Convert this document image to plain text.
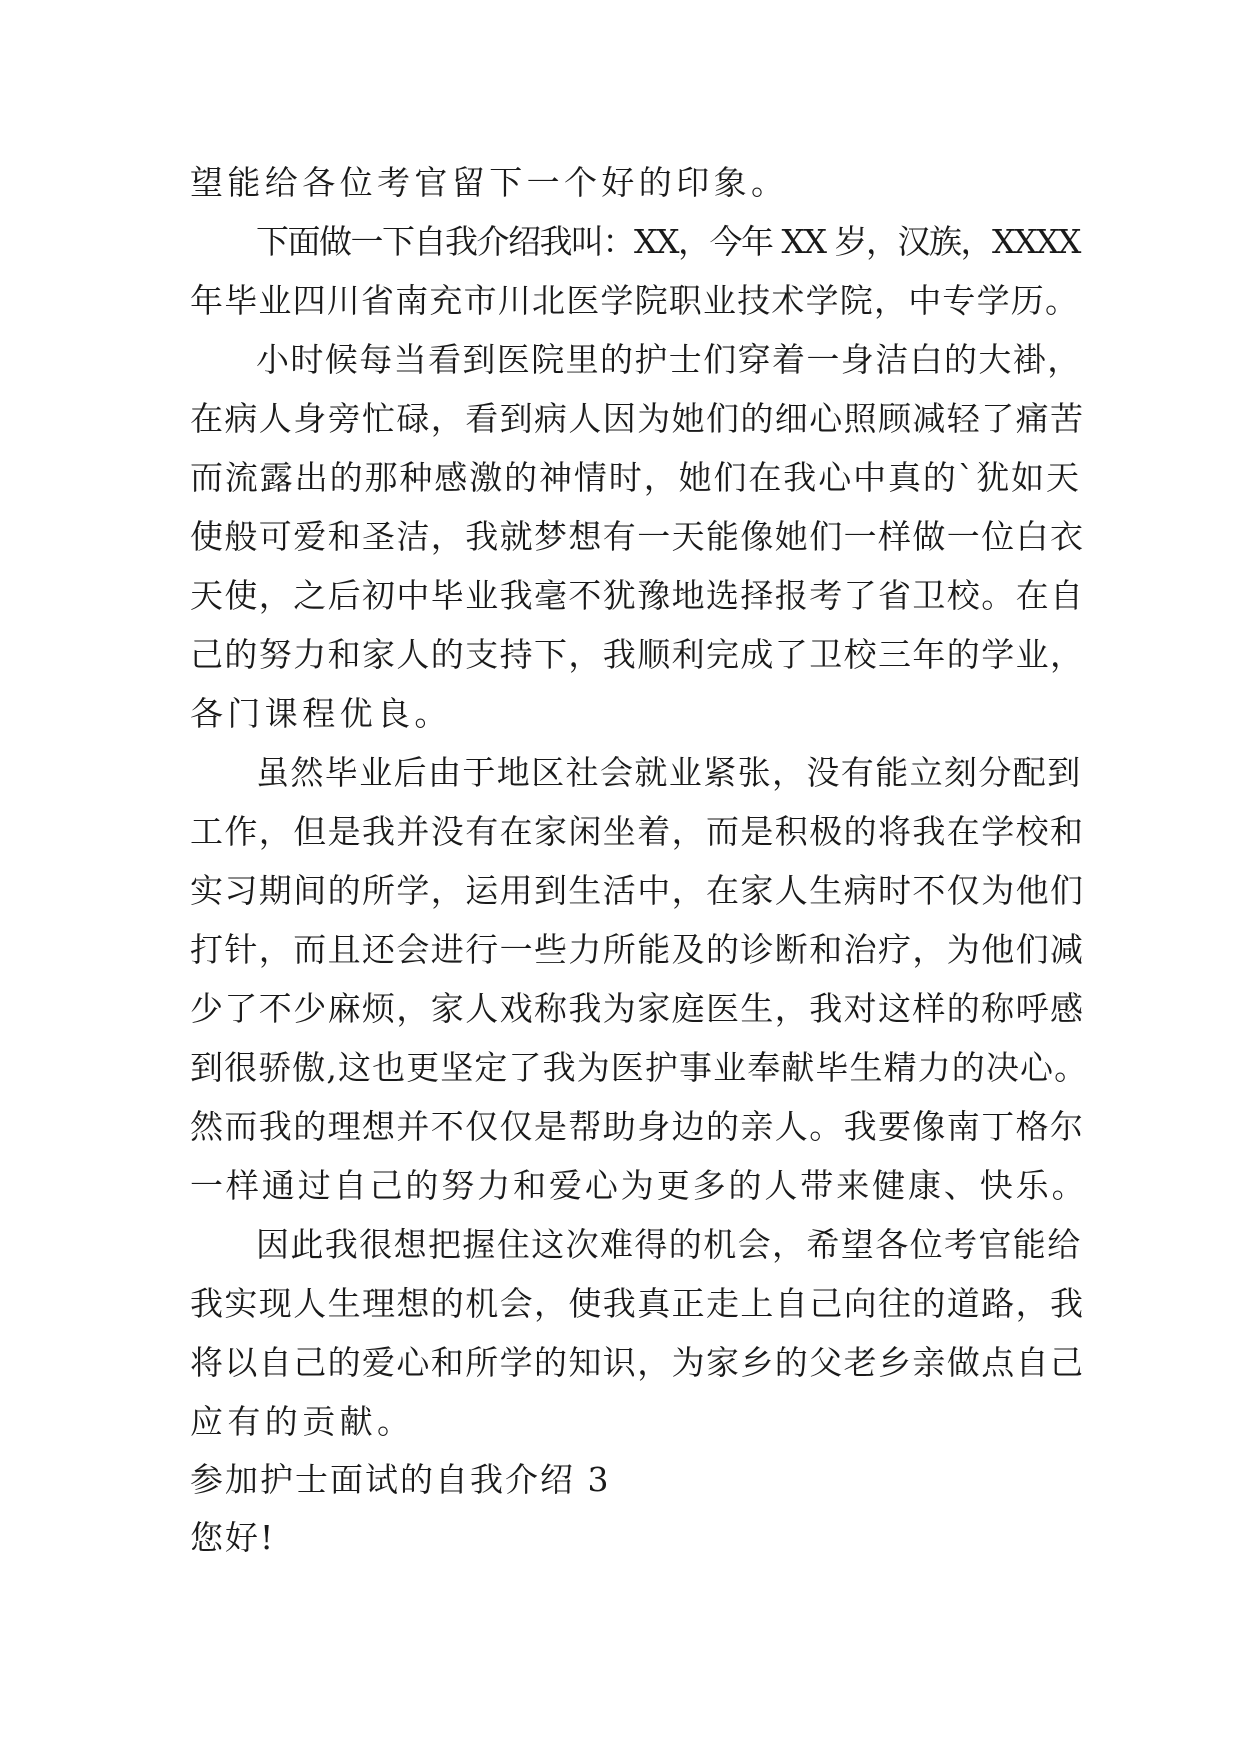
望能给各位考官留下一个好的印象。

下面做一下自我介绍我叫：XX，今年 XX 岁，汉族，XXXX

年毕业四川省南充市川北医学院职业技术学院，中专学历。

小时候每当看到医院里的护士们穿着一身洁白的大褂，

在病人身旁忙碌，看到病人因为她们的细心照顾减轻了痛苦

而流露出的那种感激的神情时，她们在我心中真的`犹如天

使般可爱和圣洁，我就梦想有一天能像她们一样做一位白衣

天使，之后初中毕业我毫不犹豫地选择报考了省卫校。在自

己的努力和家人的支持下，我顺利完成了卫校三年的学业，

各门课程优良。

虽然毕业后由于地区社会就业紧张，没有能立刻分配到

工作，但是我并没有在家闲坐着，而是积极的将我在学校和

实习期间的所学，运用到生活中，在家人生病时不仅为他们

打针，而且还会进行一些力所能及的诊断和治疗，为他们减

少了不少麻烦，家人戏称我为家庭医生，我对这样的称呼感

到很骄傲,这也更坚定了我为医护事业奉献毕生精力的决心。

然而我的理想并不仅仅是帮助身边的亲人。我要像南丁格尔

一样通过自己的努力和爱心为更多的人带来健康、快乐。

因此我很想把握住这次难得的机会，希望各位考官能给

我实现人生理想的机会，使我真正走上自己向往的道路，我

将以自己的爱心和所学的知识，为家乡的父老乡亲做点自己

应有的贡献。

参加护士面试的自我介绍 3

您好!
